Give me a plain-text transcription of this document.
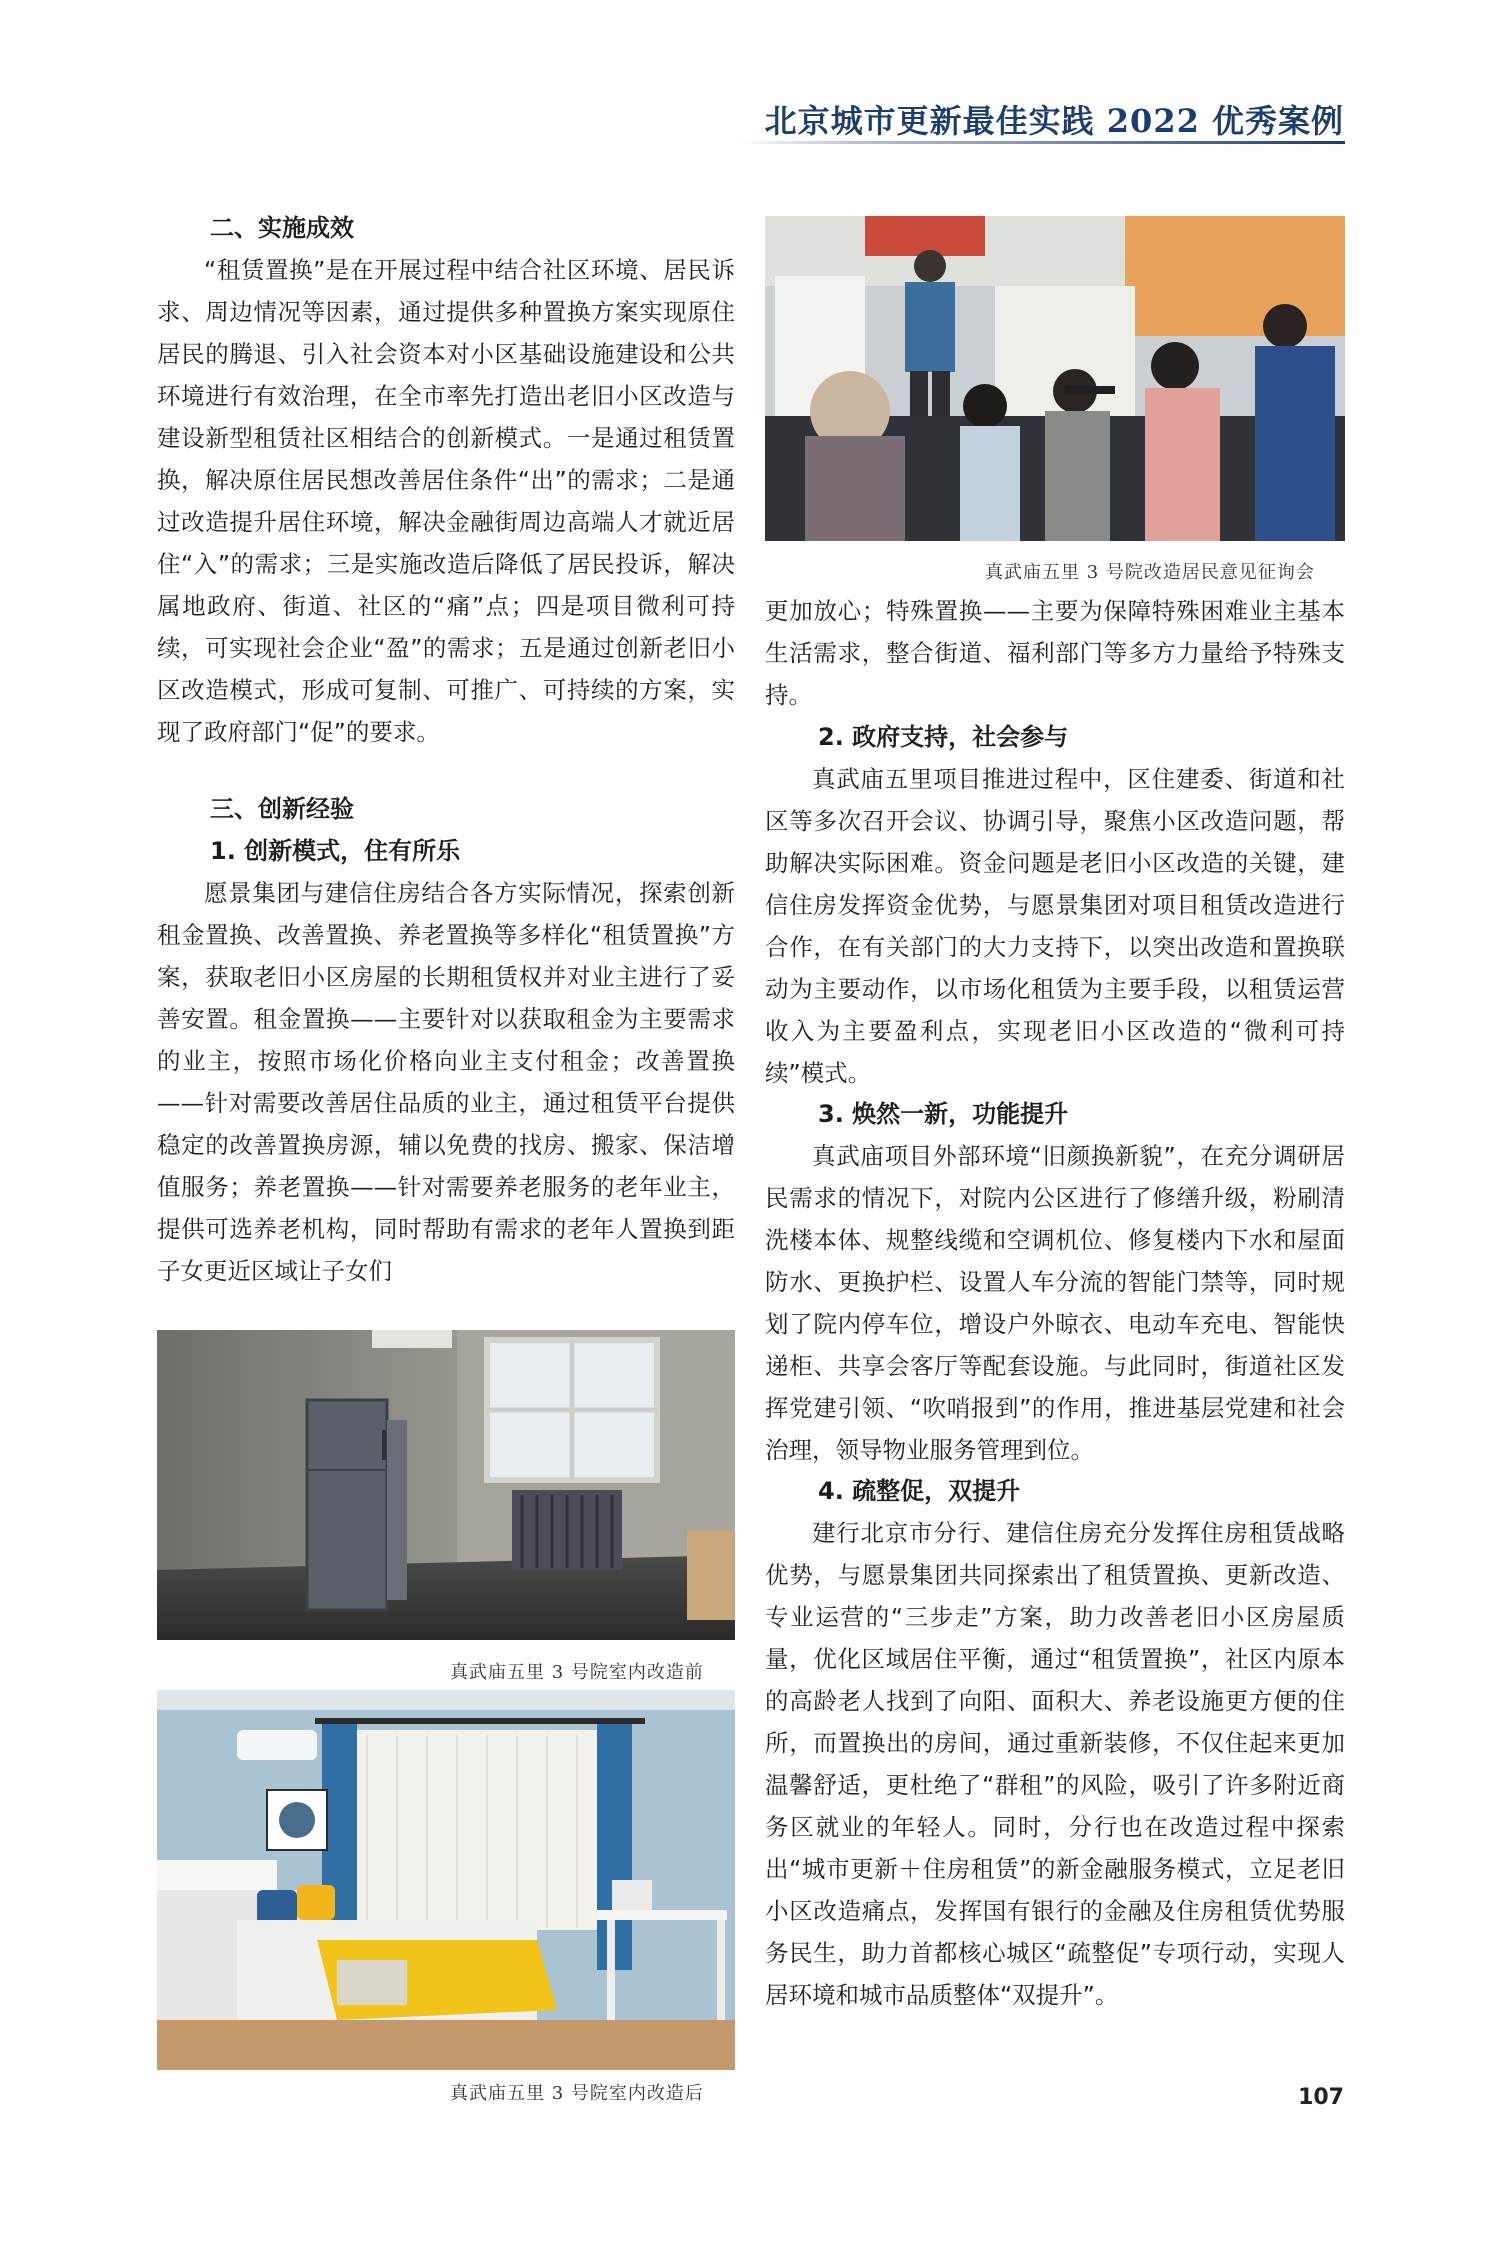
北京城市更新最佳实践 2022 优秀案例
二、实施成效

“租赁置换”是在开展过程中结合社区环境、居民诉求、周边情况等因素，通过提供多种置换方案实现原住居民的腾退、引入社会资本对小区基础设施建设和公共环境进行有效治理，在全市率先打造出老旧小区改造与建设新型租赁社区相结合的创新模式。一是通过租赁置换，解决原住居民想改善居住条件“出”的需求；二是通过改造提升居住环境，解决金融街周边高端人才就近居住“入”的需求；三是实施改造后降低了居民投诉，解决属地政府、街道、社区的“痛”点；四是项目微利可持续，可实现社会企业“盈”的需求；五是通过创新老旧小区改造模式，形成可复制、可推广、可持续的方案，实现了政府部门“促”的要求。

三、创新经验
1. 创新模式，住有所乐

愿景集团与建信住房结合各方实际情况，探索创新租金置换、改善置换、养老置换等多样化“租赁置换”方案，获取老旧小区房屋的长期租赁权并对业主进行了妥善安置。租金置换——主要针对以获取租金为主要需求的业主，按照市场化价格向业主支付租金；改善置换——针对需要改善居住品质的业主，通过租赁平台提供稳定的改善置换房源，辅以免费的找房、搬家、保洁增值服务；养老置换——针对需要养老服务的老年业主，提供可选养老机构，同时帮助有需求的老年人置换到距子女更近区域让子女们

真武庙五里 3 号院室内改造前
真武庙五里 3 号院室内改造后
真武庙五里 3 号院改造居民意见征询会

更加放心；特殊置换——主要为保障特殊困难业主基本生活需求，整合街道、福利部门等多方力量给予特殊支持。

2. 政府支持，社会参与

真武庙五里项目推进过程中，区住建委、街道和社区等多次召开会议、协调引导，聚焦小区改造问题，帮助解决实际困难。资金问题是老旧小区改造的关键，建信住房发挥资金优势，与愿景集团对项目租赁改造进行合作，在有关部门的大力支持下，以突出改造和置换联动为主要动作，以市场化租赁为主要手段，以租赁运营收入为主要盈利点，实现老旧小区改造的“微利可持续”模式。

3. 焕然一新，功能提升

真武庙项目外部环境“旧颜换新貌”，在充分调研居民需求的情况下，对院内公区进行了修缮升级，粉刷清洗楼本体、规整线缆和空调机位、修复楼内下水和屋面防水、更换护栏、设置人车分流的智能门禁等，同时规划了院内停车位，增设户外晾衣、电动车充电、智能快递柜、共享会客厅等配套设施。与此同时，街道社区发挥党建引领、“吹哨报到”的作用，推进基层党建和社会治理，领导物业服务管理到位。

4. 疏整促，双提升

建行北京市分行、建信住房充分发挥住房租赁战略优势，与愿景集团共同探索出了租赁置换、更新改造、专业运营的“三步走”方案，助力改善老旧小区房屋质量，优化区域居住平衡，通过“租赁置换”，社区内原本的高龄老人找到了向阳、面积大、养老设施更方便的住所，而置换出的房间，通过重新装修，不仅住起来更加温馨舒适，更杜绝了“群租”的风险，吸引了许多附近商务区就业的年轻人。同时，分行也在改造过程中探索出“城市更新＋住房租赁”的新金融服务模式，立足老旧小区改造痛点，发挥国有银行的金融及住房租赁优势服务民生，助力首都核心城区“疏整促”专项行动，实现人居环境和城市品质整体“双提升”。

107
